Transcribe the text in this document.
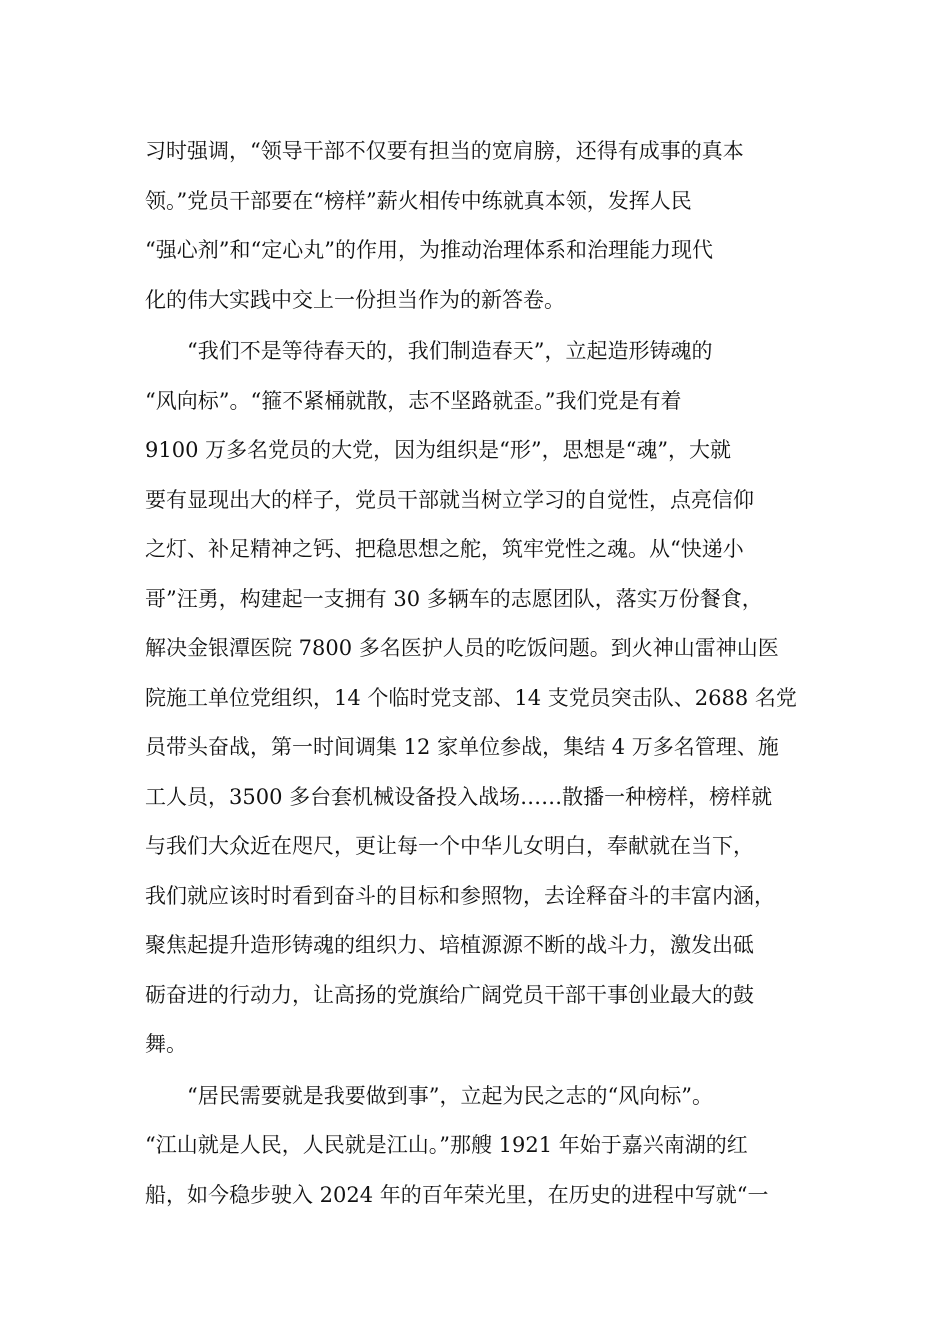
习时强调，“领导干部不仅要有担当的宽肩膀，还得有成事的真本
领。”党员干部要在“榜样”薪火相传中练就真本领，发挥人民
“强心剂”和“定心丸”的作用，为推动治理体系和治理能力现代
化的伟大实践中交上一份担当作为的新答卷。
“我们不是等待春天的，我们制造春天”，立起造形铸魂的
“风向标”。“箍不紧桶就散，志不坚路就歪。”我们党是有着
9100 万多名党员的大党，因为组织是“形”，思想是“魂”，大就
要有显现出大的样子，党员干部就当树立学习的自觉性，点亮信仰
之灯、补足精神之钙、把稳思想之舵，筑牢党性之魂。从“快递小
哥”汪勇，构建起一支拥有 30 多辆车的志愿团队，落实万份餐食，
解决金银潭医院 7800 多名医护人员的吃饭问题。到火神山雷神山医
院施工单位党组织，14 个临时党支部、14 支党员突击队、2688 名党
员带头奋战，第一时间调集 12 家单位参战，集结 4 万多名管理、施
工人员，3500 多台套机械设备投入战场……散播一种榜样，榜样就
与我们大众近在咫尺，更让每一个中华儿女明白，奉献就在当下，
我们就应该时时看到奋斗的目标和参照物，去诠释奋斗的丰富内涵，
聚焦起提升造形铸魂的组织力、培植源源不断的战斗力，激发出砥
砺奋进的行动力，让高扬的党旗给广阔党员干部干事创业最大的鼓
舞。
“居民需要就是我要做到事”，立起为民之志的“风向标”。
“江山就是人民，人民就是江山。”那艘 1921 年始于嘉兴南湖的红
船，如今稳步驶入 2024 年的百年荣光里，在历史的进程中写就“一
